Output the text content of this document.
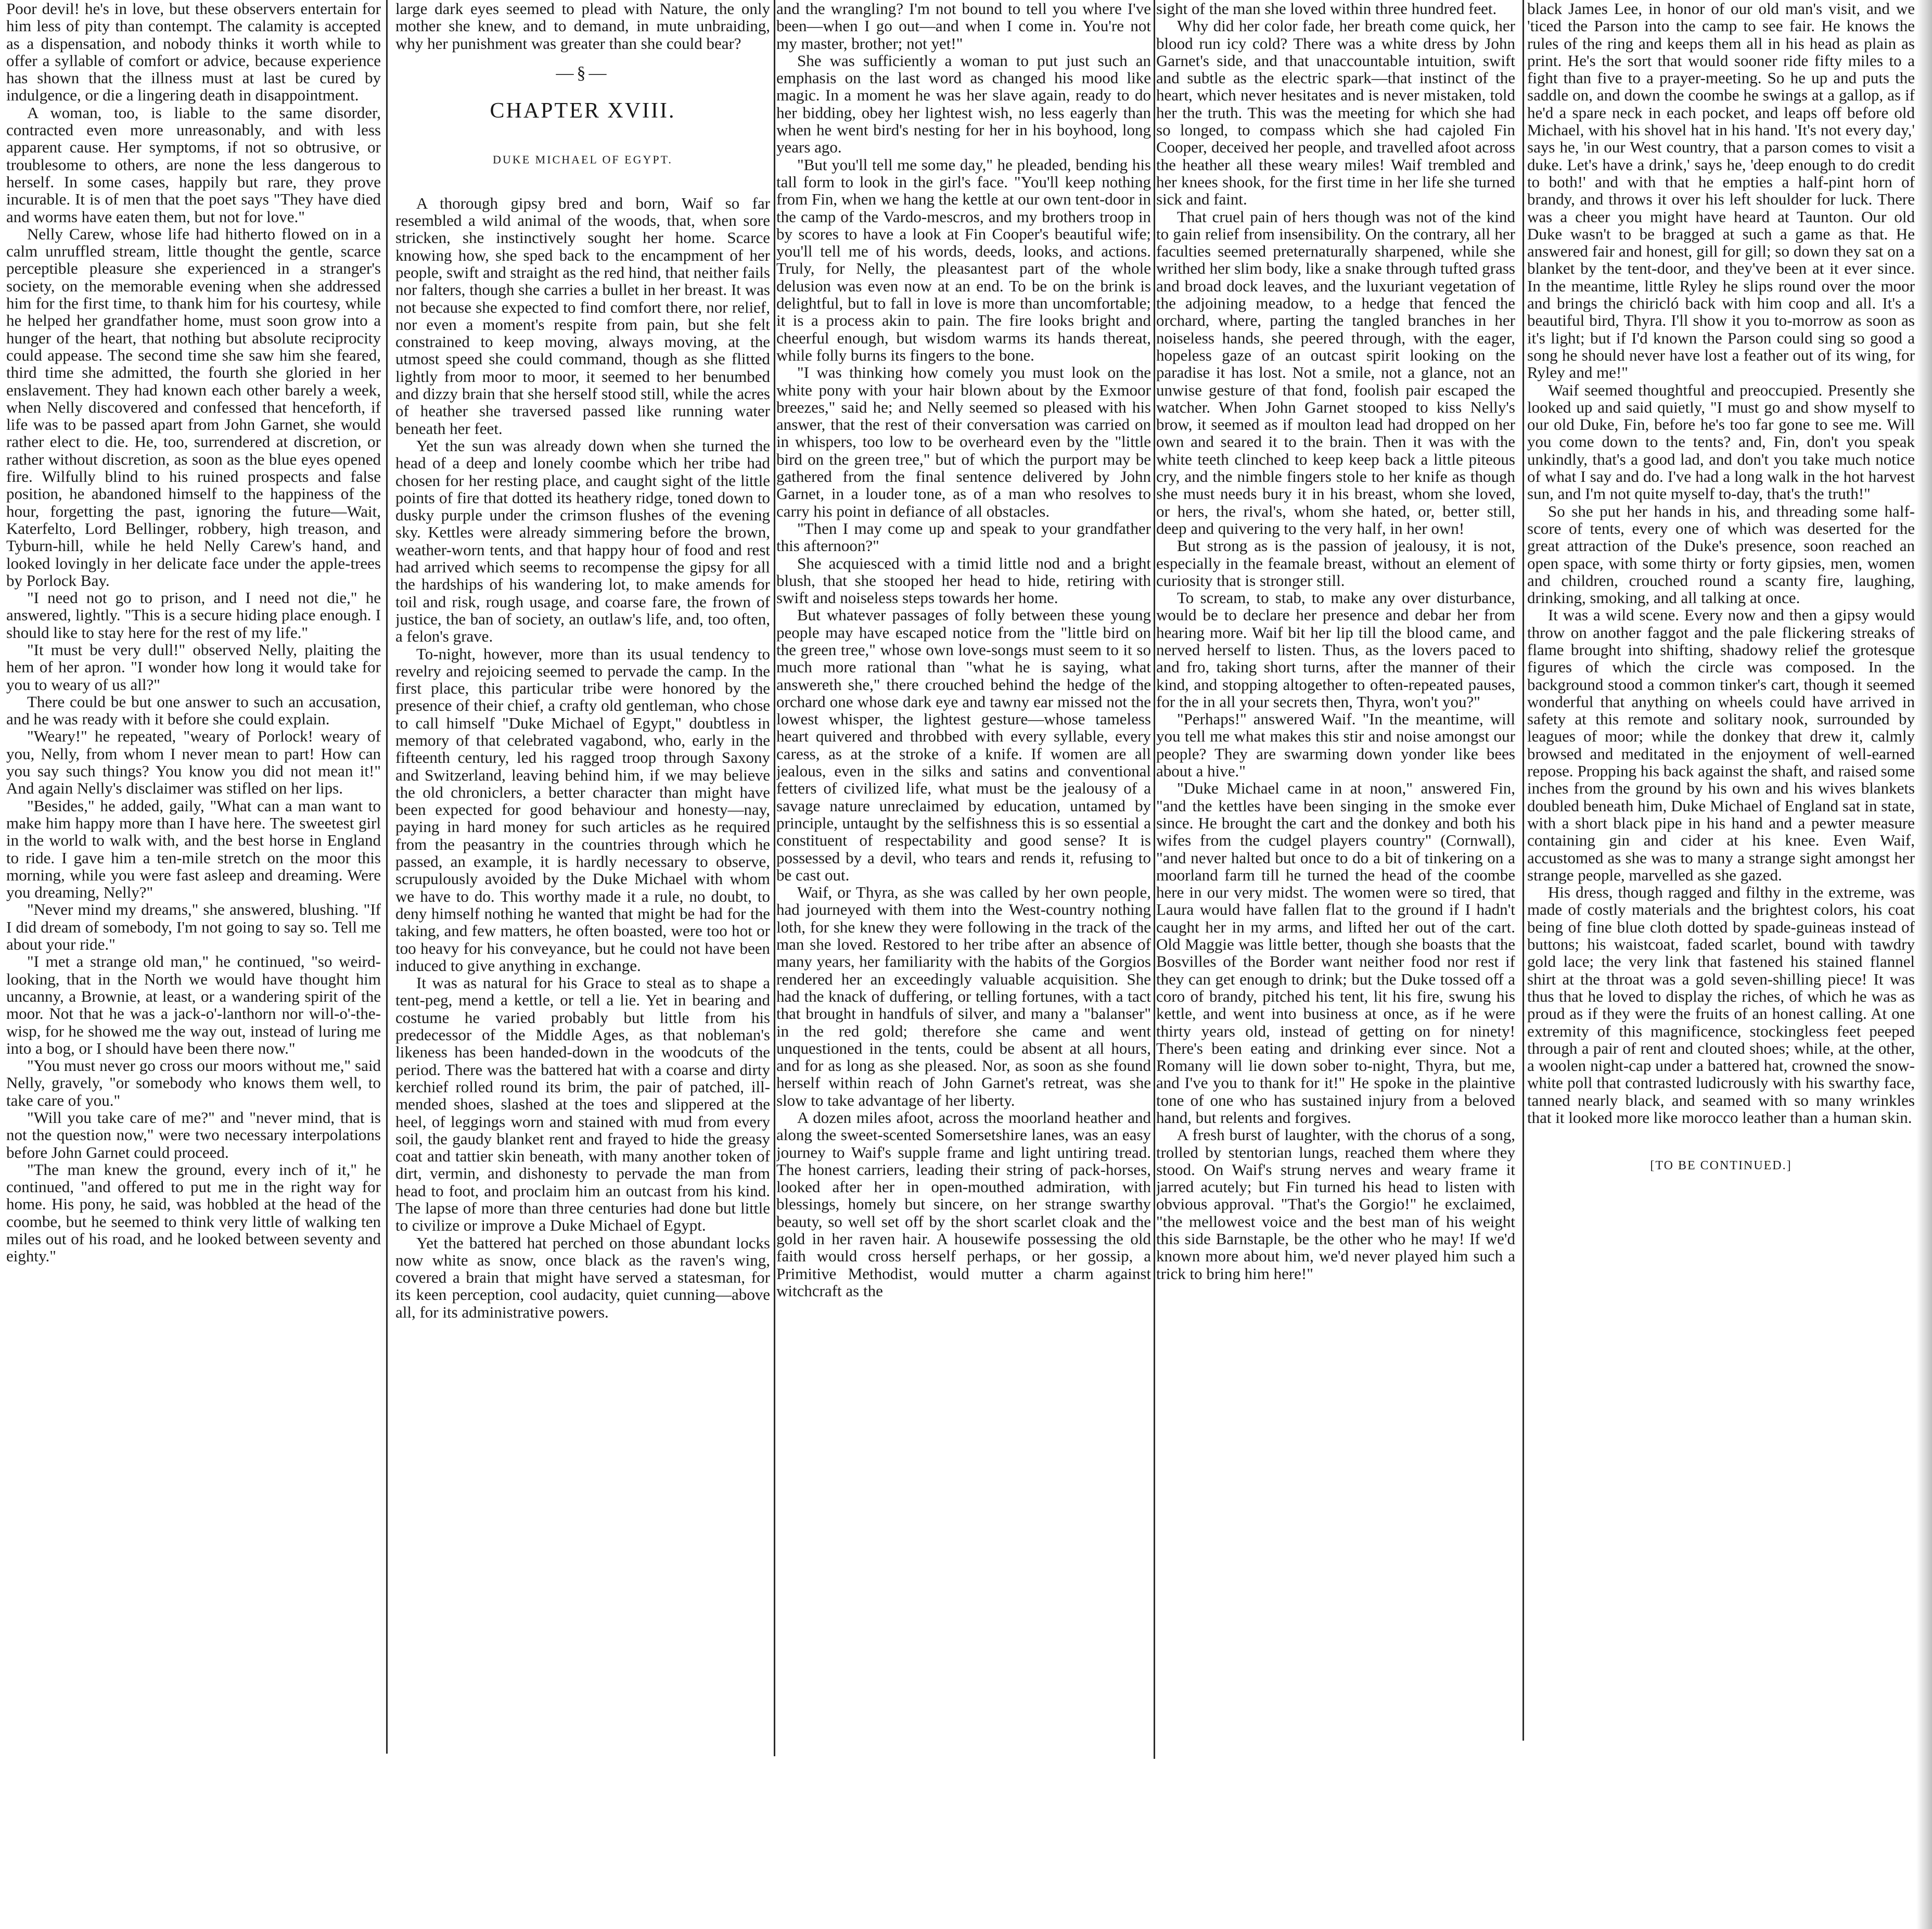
Poor devil! he's in love, but these observers entertain for him less of pity than contempt. The calamity is accepted as a dispensation, and nobody thinks it worth while to offer a syllable of comfort or advice, because experience has shown that the illness must at last be cured by indulgence, or die a lingering death in disappointment.

A woman, too, is liable to the same disorder, contracted even more unreasonably, and with less apparent cause. Her symptoms, if not so obtrusive, or troublesome to others, are none the less dangerous to herself. In some cases, happily but rare, they prove incurable. It is of men that the poet says "They have died and worms have eaten them, but not for love."

Nelly Carew, whose life had hitherto flowed on in a calm unruffled stream, little thought the gentle, scarce perceptible pleasure she experienced in a stranger's society, on the memorable evening when she addressed him for the first time, to thank him for his courtesy, while he helped her grandfather home, must soon grow into a hunger of the heart, that nothing but absolute reciprocity could appease. The second time she saw him she feared, third time she admitted, the fourth she gloried in her enslavement. They had known each other barely a week, when Nelly discovered and confessed that henceforth, if life was to be passed apart from John Garnet, she would rather elect to die. He, too, surrendered at discretion, or rather without discretion, as soon as the blue eyes opened fire. Wilfully blind to his ruined prospects and false position, he abandoned himself to the happiness of the hour, forgetting the past, ignoring the future—Wait, Katerfelto, Lord Bellinger, robbery, high treason, and Tyburn-hill, while he held Nelly Carew's hand, and looked lovingly in her delicate face under the apple-trees by Porlock Bay.

"I need not go to prison, and I need not die," he answered, lightly. "This is a secure hiding place enough. I should like to stay here for the rest of my life."

"It must be very dull!" observed Nelly, plaiting the hem of her apron. "I wonder how long it would take for you to weary of us all?"

There could be but one answer to such an accusation, and he was ready with it before she could explain.

"Weary!" he repeated, "weary of Porlock! weary of you, Nelly, from whom I never mean to part! How can you say such things? You know you did not mean it!" And again Nelly's disclaimer was stifled on her lips.

"Besides," he added, gaily, "What can a man want to make him happy more than I have here. The sweetest girl in the world to walk with, and the best horse in England to ride. I gave him a ten-mile stretch on the moor this morning, while you were fast asleep and dreaming. Were you dreaming, Nelly?"

"Never mind my dreams," she answered, blushing. "If I did dream of somebody, I'm not going to say so. Tell me about your ride."

"I met a strange old man," he continued, "so weird-looking, that in the North we would have thought him uncanny, a Brownie, at least, or a wandering spirit of the moor. Not that he was a jack-o'-lanthorn nor will-o'-the-wisp, for he showed me the way out, instead of luring me into a bog, or I should have been there now."

"You must never go cross our moors without me," said Nelly, gravely, "or somebody who knows them well, to take care of you."

"Will you take care of me?" and "never mind, that is not the question now," were two necessary interpolations before John Garnet could proceed.

"The man knew the ground, every inch of it," he continued, "and offered to put me in the right way for home. His pony, he said, was hobbled at the head of the coombe, but he seemed to think very little of walking ten miles out of his road, and he looked between seventy and eighty."

large dark eyes seemed to plead with Nature, the only mother she knew, and to demand, in mute unbraiding, why her punishment was greater than she could bear?

—§—
CHAPTER XVIII.
DUKE MICHAEL OF EGYPT.

A thorough gipsy bred and born, Waif so far resembled a wild animal of the woods, that, when sore stricken, she instinctively sought her home. Scarce knowing how, she sped back to the encampment of her people, swift and straight as the red hind, that neither fails nor falters, though she carries a bullet in her breast. It was not because she expected to find comfort there, nor relief, nor even a moment's respite from pain, but she felt constrained to keep moving, always moving, at the utmost speed she could command, though as she flitted lightly from moor to moor, it seemed to her benumbed and dizzy brain that she herself stood still, while the acres of heather she traversed passed like running water beneath her feet.

Yet the sun was already down when she turned the head of a deep and lonely coombe which her tribe had chosen for her resting place, and caught sight of the little points of fire that dotted its heathery ridge, toned down to dusky purple under the crimson flushes of the evening sky. Kettles were already simmering before the brown, weather-worn tents, and that happy hour of food and rest had arrived which seems to recompense the gipsy for all the hardships of his wandering lot, to make amends for toil and risk, rough usage, and coarse fare, the frown of justice, the ban of society, an outlaw's life, and, too often, a felon's grave.

To-night, however, more than its usual tendency to revelry and rejoicing seemed to pervade the camp. In the first place, this particular tribe were honored by the presence of their chief, a crafty old gentleman, who chose to call himself "Duke Michael of Egypt," doubtless in memory of that celebrated vagabond, who, early in the fifteenth century, led his ragged troop through Saxony and Switzerland, leaving behind him, if we may believe the old chroniclers, a better character than might have been expected for good behaviour and honesty—nay, paying in hard money for such articles as he required from the peasantry in the countries through which he passed, an example, it is hardly necessary to observe, scrupulously avoided by the Duke Michael with whom we have to do. This worthy made it a rule, no doubt, to deny himself nothing he wanted that might be had for the taking, and few matters, he often boasted, were too hot or too heavy for his conveyance, but he could not have been induced to give anything in exchange.

It was as natural for his Grace to steal as to shape a tent-peg, mend a kettle, or tell a lie. Yet in bearing and costume he varied probably but little from his predecessor of the Middle Ages, as that nobleman's likeness has been handed-down in the woodcuts of the period. There was the battered hat with a coarse and dirty kerchief rolled round its brim, the pair of patched, ill-mended shoes, slashed at the toes and slippered at the heel, of leggings worn and stained with mud from every soil, the gaudy blanket rent and frayed to hide the greasy coat and tattier skin beneath, with many another token of dirt, vermin, and dishonesty to pervade the man from head to foot, and proclaim him an outcast from his kind. The lapse of more than three centuries had done but little to civilize or improve a Duke Michael of Egypt.

Yet the battered hat perched on those abundant locks now white as snow, once black as the raven's wing, covered a brain that might have served a statesman, for its keen perception, cool audacity, quiet cunning—above all, for its administrative powers.

and the wrangling? I'm not bound to tell you where I've been—when I go out—and when I come in. You're not my master, brother; not yet!"

She was sufficiently a woman to put just such an emphasis on the last word as changed his mood like magic. In a moment he was her slave again, ready to do her bidding, obey her lightest wish, no less eagerly than when he went bird's nesting for her in his boyhood, long years ago.

"But you'll tell me some day," he pleaded, bending his tall form to look in the girl's face. "You'll keep nothing from Fin, when we hang the kettle at our own tent-door in the camp of the Vardo-mescros, and my brothers troop in by scores to have a look at Fin Cooper's beautiful wife; you'll tell me of his words, deeds, looks, and actions. Truly, for Nelly, the pleasantest part of the whole delusion was even now at an end. To be on the brink is delightful, but to fall in love is more than uncomfortable; it is a process akin to pain. The fire looks bright and cheerful enough, but wisdom warms its hands thereat, while folly burns its fingers to the bone.

"I was thinking how comely you must look on the white pony with your hair blown about by the Exmoor breezes," said he; and Nelly seemed so pleased with his answer, that the rest of their conversation was carried on in whispers, too low to be overheard even by the "little bird on the green tree," but of which the purport may be gathered from the final sentence delivered by John Garnet, in a louder tone, as of a man who resolves to carry his point in defiance of all obstacles.

"Then I may come up and speak to your grandfather this afternoon?"

She acquiesced with a timid little nod and a bright blush, that she stooped her head to hide, retiring with swift and noiseless steps towards her home.

But whatever passages of folly between these young people may have escaped notice from the "little bird on the green tree," whose own love-songs must seem to it so much more rational than "what he is saying, what answereth she," there crouched behind the hedge of the orchard one whose dark eye and tawny ear missed not the lowest whisper, the lightest gesture—whose tameless heart quivered and throbbed with every syllable, every caress, as at the stroke of a knife. If women are all jealous, even in the silks and satins and conventional fetters of civilized life, what must be the jealousy of a savage nature unreclaimed by education, untamed by principle, untaught by the selfishness this is so essential a constituent of respectability and good sense? It is possessed by a devil, who tears and rends it, refusing to be cast out.

Waif, or Thyra, as she was called by her own people, had journeyed with them into the West-country nothing loth, for she knew they were following in the track of the man she loved. Restored to her tribe after an absence of many years, her familiarity with the habits of the Gorgios rendered her an exceedingly valuable acquisition. She had the knack of duffering, or telling fortunes, with a tact that brought in handfuls of silver, and many a "balanser" in the red gold; therefore she came and went unquestioned in the tents, could be absent at all hours, and for as long as she pleased. Nor, as soon as she found herself within reach of John Garnet's retreat, was she slow to take advantage of her liberty.

A dozen miles afoot, across the moorland heather and along the sweet-scented Somersetshire lanes, was an easy journey to Waif's supple frame and light untiring tread. The honest carriers, leading their string of pack-horses, looked after her in open-mouthed admiration, with blessings, homely but sincere, on her strange swarthy beauty, so well set off by the short scarlet cloak and the gold in her raven hair. A housewife possessing the old faith would cross herself perhaps, or her gossip, a Primitive Methodist, would mutter a charm against witchcraft as the

sight of the man she loved within three hundred feet.

Why did her color fade, her breath come quick, her blood run icy cold? There was a white dress by John Garnet's side, and that unaccountable intuition, swift and subtle as the electric spark—that instinct of the heart, which never hesitates and is never mistaken, told her the truth. This was the meeting for which she had so longed, to compass which she had cajoled Fin Cooper, deceived her people, and travelled afoot across the heather all these weary miles! Waif trembled and her knees shook, for the first time in her life she turned sick and faint.

That cruel pain of hers though was not of the kind to gain relief from insensibility. On the contrary, all her faculties seemed preternaturally sharpened, while she writhed her slim body, like a snake through tufted grass and broad dock leaves, and the luxuriant vegetation of the adjoining meadow, to a hedge that fenced the orchard, where, parting the tangled branches in her noiseless hands, she peered through, with the eager, hopeless gaze of an outcast spirit looking on the paradise it has lost. Not a smile, not a glance, not an unwise gesture of that fond, foolish pair escaped the watcher. When John Garnet stooped to kiss Nelly's brow, it seemed as if moulton lead had dropped on her own and seared it to the brain. Then it was with the white teeth clinched to keep keep back a little piteous cry, and the nimble fingers stole to her knife as though she must needs bury it in his breast, whom she loved, or hers, the rival's, whom she hated, or, better still, deep and quivering to the very half, in her own!

But strong as is the passion of jealousy, it is not, especially in the feamale breast, without an element of curiosity that is stronger still.

To scream, to stab, to make any over disturbance, would be to declare her presence and debar her from hearing more. Waif bit her lip till the blood came, and nerved herself to listen. Thus, as the lovers paced to and fro, taking short turns, after the manner of their kind, and stopping altogether to often-repeated pauses, for the in all your secrets then, Thyra, won't you?"

"Perhaps!" answered Waif. "In the meantime, will you tell me what makes this stir and noise amongst our people? They are swarming down yonder like bees about a hive."

"Duke Michael came in at noon," answered Fin, "and the kettles have been singing in the smoke ever since. He brought the cart and the donkey and both his wifes from the cudgel players country" (Cornwall), "and never halted but once to do a bit of tinkering on a moorland farm till he turned the head of the coombe here in our very midst. The women were so tired, that Laura would have fallen flat to the ground if I hadn't caught her in my arms, and lifted her out of the cart. Old Maggie was little better, though she boasts that the Bosvilles of the Border want neither food nor rest if they can get enough to drink; but the Duke tossed off a coro of brandy, pitched his tent, lit his fire, swung his kettle, and went into business at once, as if he were thirty years old, instead of getting on for ninety! There's been eating and drinking ever since. Not a Romany will lie down sober to-night, Thyra, but me, and I've you to thank for it!" He spoke in the plaintive tone of one who has sustained injury from a beloved hand, but relents and forgives.

A fresh burst of laughter, with the chorus of a song, trolled by stentorian lungs, reached them where they stood. On Waif's strung nerves and weary frame it jarred acutely; but Fin turned his head to listen with obvious approval. "That's the Gorgio!" he exclaimed, "the mellowest voice and the best man of his weight this side Barnstaple, be the other who he may! If we'd known more about him, we'd never played him such a trick to bring him here!"

black James Lee, in honor of our old man's visit, and we 'ticed the Parson into the camp to see fair. He knows the rules of the ring and keeps them all in his head as plain as print. He's the sort that would sooner ride fifty miles to a fight than five to a prayer-meeting. So he up and puts the saddle on, and down the coombe he swings at a gallop, as if he'd a spare neck in each pocket, and leaps off before old Michael, with his shovel hat in his hand. 'It's not every day,' says he, 'in our West country, that a parson comes to visit a duke. Let's have a drink,' says he, 'deep enough to do credit to both!' and with that he empties a half-pint horn of brandy, and throws it over his left shoulder for luck. There was a cheer you might have heard at Taunton. Our old Duke wasn't to be bragged at such a game as that. He answered fair and honest, gill for gill; so down they sat on a blanket by the tent-door, and they've been at it ever since. In the meantime, little Ryley he slips round over the moor and brings the chiricló back with him coop and all. It's a beautiful bird, Thyra. I'll show it you to-morrow as soon as it's light; but if I'd known the Parson could sing so good a song he should never have lost a feather out of its wing, for Ryley and me!"

Waif seemed thoughtful and preoccupied. Presently she looked up and said quietly, "I must go and show myself to our old Duke, Fin, before he's too far gone to see me. Will you come down to the tents? and, Fin, don't you speak unkindly, that's a good lad, and don't you take much notice of what I say and do. I've had a long walk in the hot harvest sun, and I'm not quite myself to-day, that's the truth!"

So she put her hands in his, and threading some half-score of tents, every one of which was deserted for the great attraction of the Duke's presence, soon reached an open space, with some thirty or forty gipsies, men, women and children, crouched round a scanty fire, laughing, drinking, smoking, and all talking at once.

It was a wild scene. Every now and then a gipsy would throw on another faggot and the pale flickering streaks of flame brought into shifting, shadowy relief the grotesque figures of which the circle was composed. In the background stood a common tinker's cart, though it seemed wonderful that anything on wheels could have arrived in safety at this remote and solitary nook, surrounded by leagues of moor; while the donkey that drew it, calmly browsed and meditated in the enjoyment of well-earned repose. Propping his back against the shaft, and raised some inches from the ground by his own and his wives blankets doubled beneath him, Duke Michael of England sat in state, with a short black pipe in his hand and a pewter measure containing gin and cider at his knee. Even Waif, accustomed as she was to many a strange sight amongst her strange people, marvelled as she gazed.

His dress, though ragged and filthy in the extreme, was made of costly materials and the brightest colors, his coat being of fine blue cloth dotted by spade-guineas instead of buttons; his waistcoat, faded scarlet, bound with tawdry gold lace; the very link that fastened his stained flannel shirt at the throat was a gold seven-shilling piece! It was thus that he loved to display the riches, of which he was as proud as if they were the fruits of an honest calling. At one extremity of this magnificence, stockingless feet peeped through a pair of rent and clouted shoes; while, at the other, a woolen night-cap under a battered hat, crowned the snow-white poll that contrasted ludicrously with his swarthy face, tanned nearly black, and seamed with so many wrinkles that it looked more like morocco leather than a human skin.

[TO BE CONTINUED.]
